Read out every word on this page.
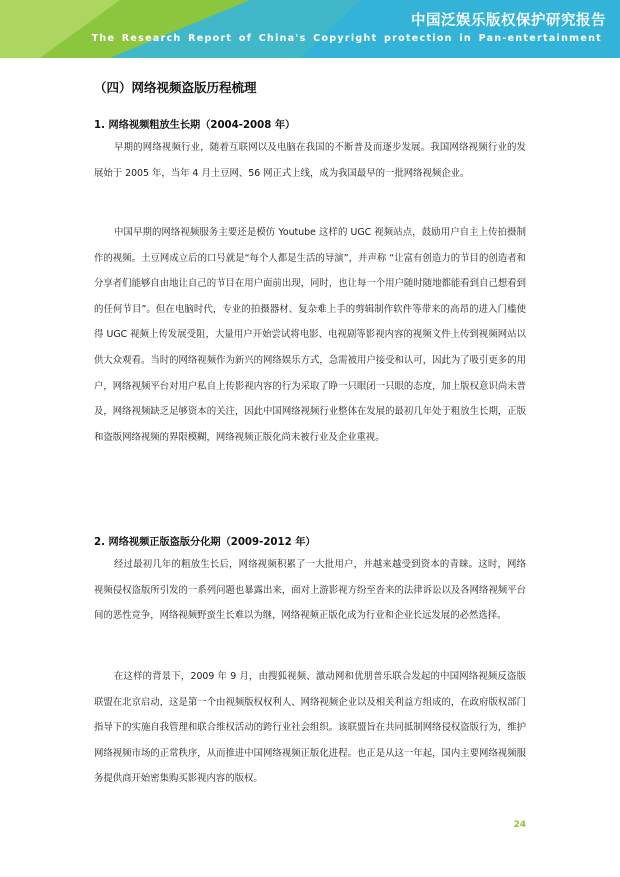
中国泛娱乐版权保护研究报告
The Research Report of China's Copyright protection in Pan-entertainment
（四）网络视频盗版历程梳理
1. 网络视频粗放生长期（2004-2008 年）

早期的网络视频行业，随着互联网以及电脑在我国的不断普及而逐步发展。我国网络视频行业的发展始于 2005 年，当年 4 月土豆网、56 网正式上线，成为我国最早的一批网络视频企业。

中国早期的网络视频服务主要还是模仿 Youtube 这样的 UGC 视频站点，鼓励用户自主上传拍摄制作的视频。土豆网成立后的口号就是“每个人都是生活的导演”，并声称 “让富有创造力的节目的创造者和分享者们能够自由地让自己的节目在用户面前出现，同时，也让每一个用户随时随地都能看到自己想看到的任何节目”。但在电脑时代，专业的拍摄器材、复杂难上手的剪辑制作软件等带来的高昂的进入门槛使得 UGC 视频上传发展受阻，大量用户开始尝试将电影、电视剧等影视内容的视频文件上传到视频网站以供大众观看。当时的网络视频作为新兴的网络娱乐方式，急需被用户接受和认可，因此为了吸引更多的用户，网络视频平台对用户私自上传影视内容的行为采取了睁一只眼闭一只眼的态度，加上版权意识尚未普及，网络视频缺乏足够资本的关注，因此中国网络视频行业整体在发展的最初几年处于粗放生长期，正版和盗版网络视频的界限模糊，网络视频正版化尚未被行业及企业重视。

2. 网络视频正版盗版分化期（2009-2012 年）

经过最初几年的粗放生长后，网络视频积累了一大批用户，并越来越受到资本的青睐。这时，网络视频侵权盗版所引发的一系列问题也暴露出来，面对上游影视方纷至沓来的法律诉讼以及各网络视频平台间的恶性竞争，网络视频野蛮生长难以为继，网络视频正版化成为行业和企业长远发展的必然选择。

在这样的背景下，2009 年 9 月，由搜狐视频、激动网和优朋普乐联合发起的中国网络视频反盗版联盟在北京启动，这是第一个由视频版权权利人、网络视频企业以及相关利益方组成的，在政府版权部门指导下的实施自我管理和联合维权活动的跨行业社会组织。该联盟旨在共同抵制网络侵权盗版行为，维护网络视频市场的正常秩序，从而推进中国网络视频正版化进程。也正是从这一年起，国内主要网络视频服务提供商开始密集购买影视内容的版权。

24
